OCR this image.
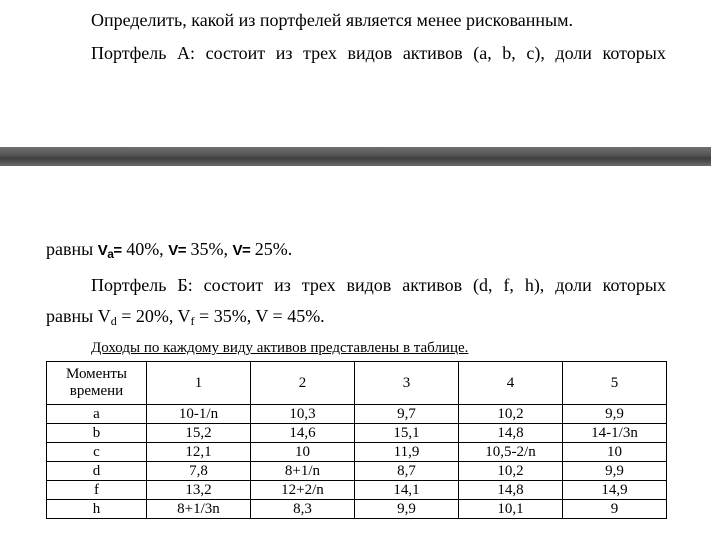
Определить, какой из портфелей является менее рискованным.
Портфель А: состоит из трех видов активов (a, b, c), доли которых
равны $V_a= 40\%$, V= 35%, V= 25%.
Портфель Б: состоит из трех видов активов (d, f, h), доли которых
равны Vd = 20%, Vf = 35%, V = 45%.
Доходы по каждому виду активов представлены в таблице.
Моменты времени	1	2	3	4	5
a	10-1/n	10,3	9,7	10,2	9,9
b	15,2	14,6	15,1	14,8	14-1/3n
c	12,1	10	11,9	10,5-2/n	10
d	7,8	8+1/n	8,7	10,2	9,9
f	13,2	12+2/n	14,1	14,8	14,9
h	8+1/3n	8,3	9,9	10,1	9
